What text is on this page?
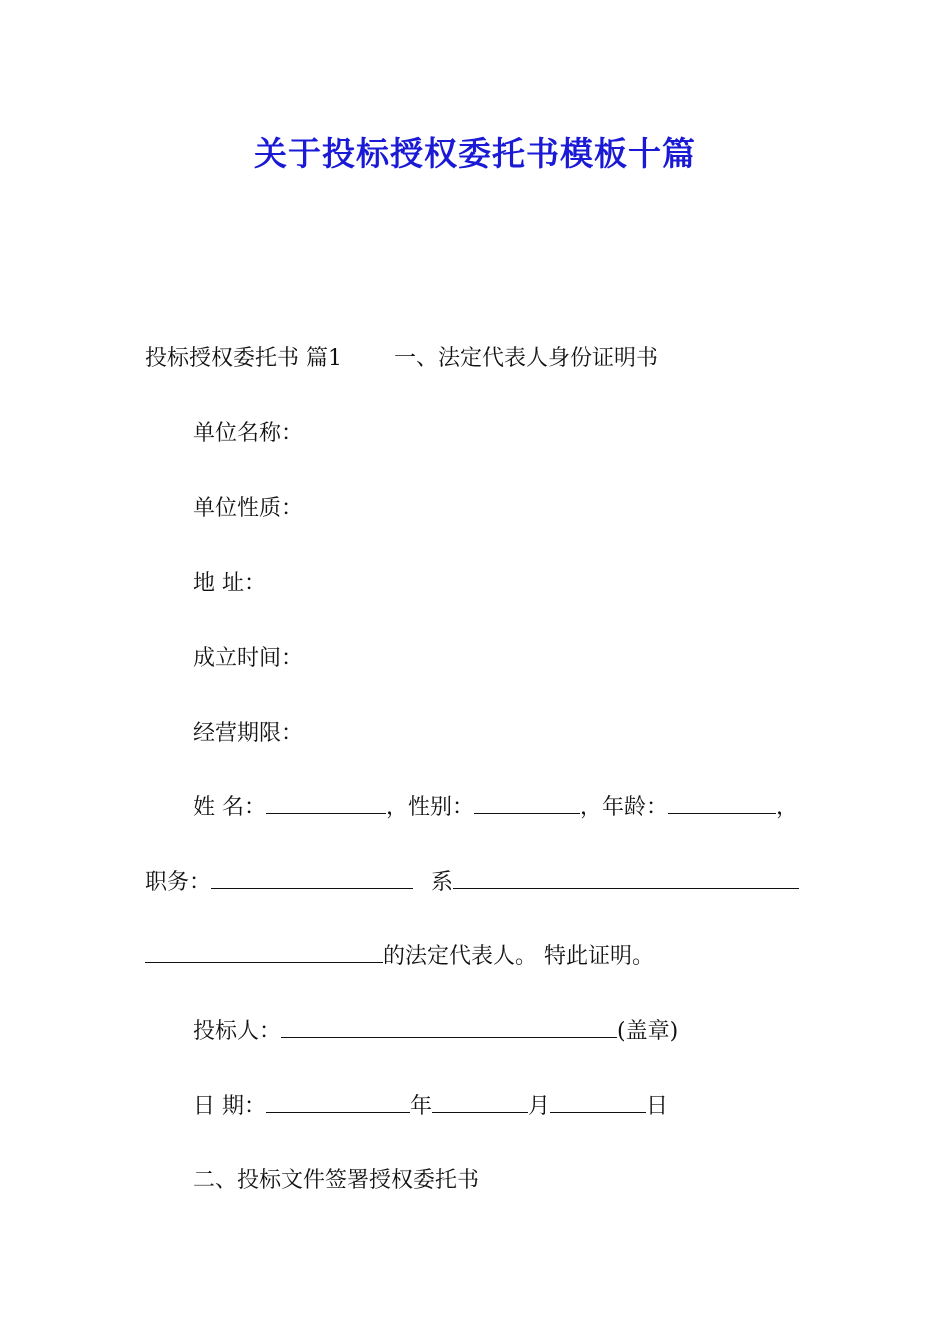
关于投标授权委托书模板十篇
投标授权委托书 篇1 一、法定代表人身份证明书
单位名称：
单位性质：
地 址：
成立时间：
经营期限：
姓 名：	，性别：	，年龄：	，
职务：	系
的法定代表人。 特此证明。
投标人：	(盖章)
日 期：	年	月	日
二、投标文件签署授权委托书
